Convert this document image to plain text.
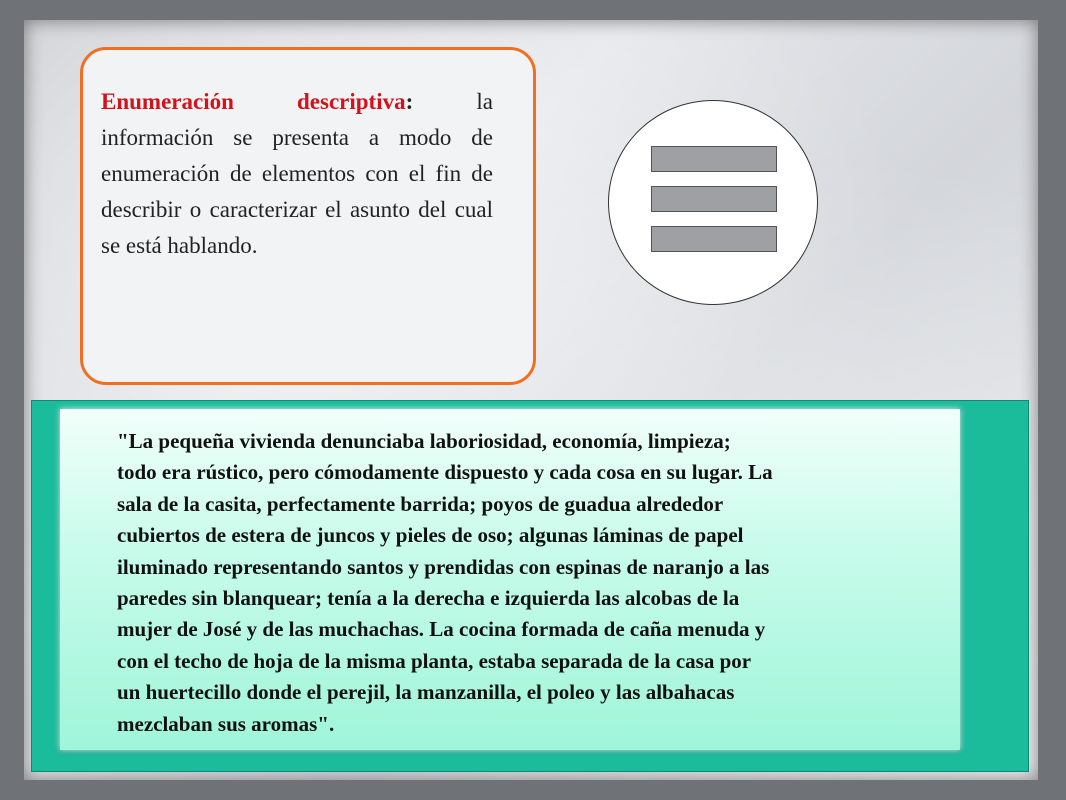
Enumeración descriptiva:	la información se presenta a modo de enumeración de elementos con el fin de describir o caracterizar el asunto del cual se está hablando.

"La pequeña vivienda denunciaba laboriosidad, economía, limpieza;
todo era rústico, pero cómodamente dispuesto y cada cosa en su lugar. La
sala de la casita, perfectamente barrida; poyos de guadua alrededor
cubiertos de estera de juncos y pieles de oso; algunas láminas de papel
iluminado representando santos y prendidas con espinas de naranjo a las
paredes sin blanquear; tenía a la derecha e izquierda las alcobas de la
mujer de José y de las muchachas. La cocina formada de caña menuda y
con el techo de hoja de la misma planta, estaba separada de la casa por
un huertecillo donde el perejil, la manzanilla, el poleo y las albahacas
mezclaban sus aromas".
